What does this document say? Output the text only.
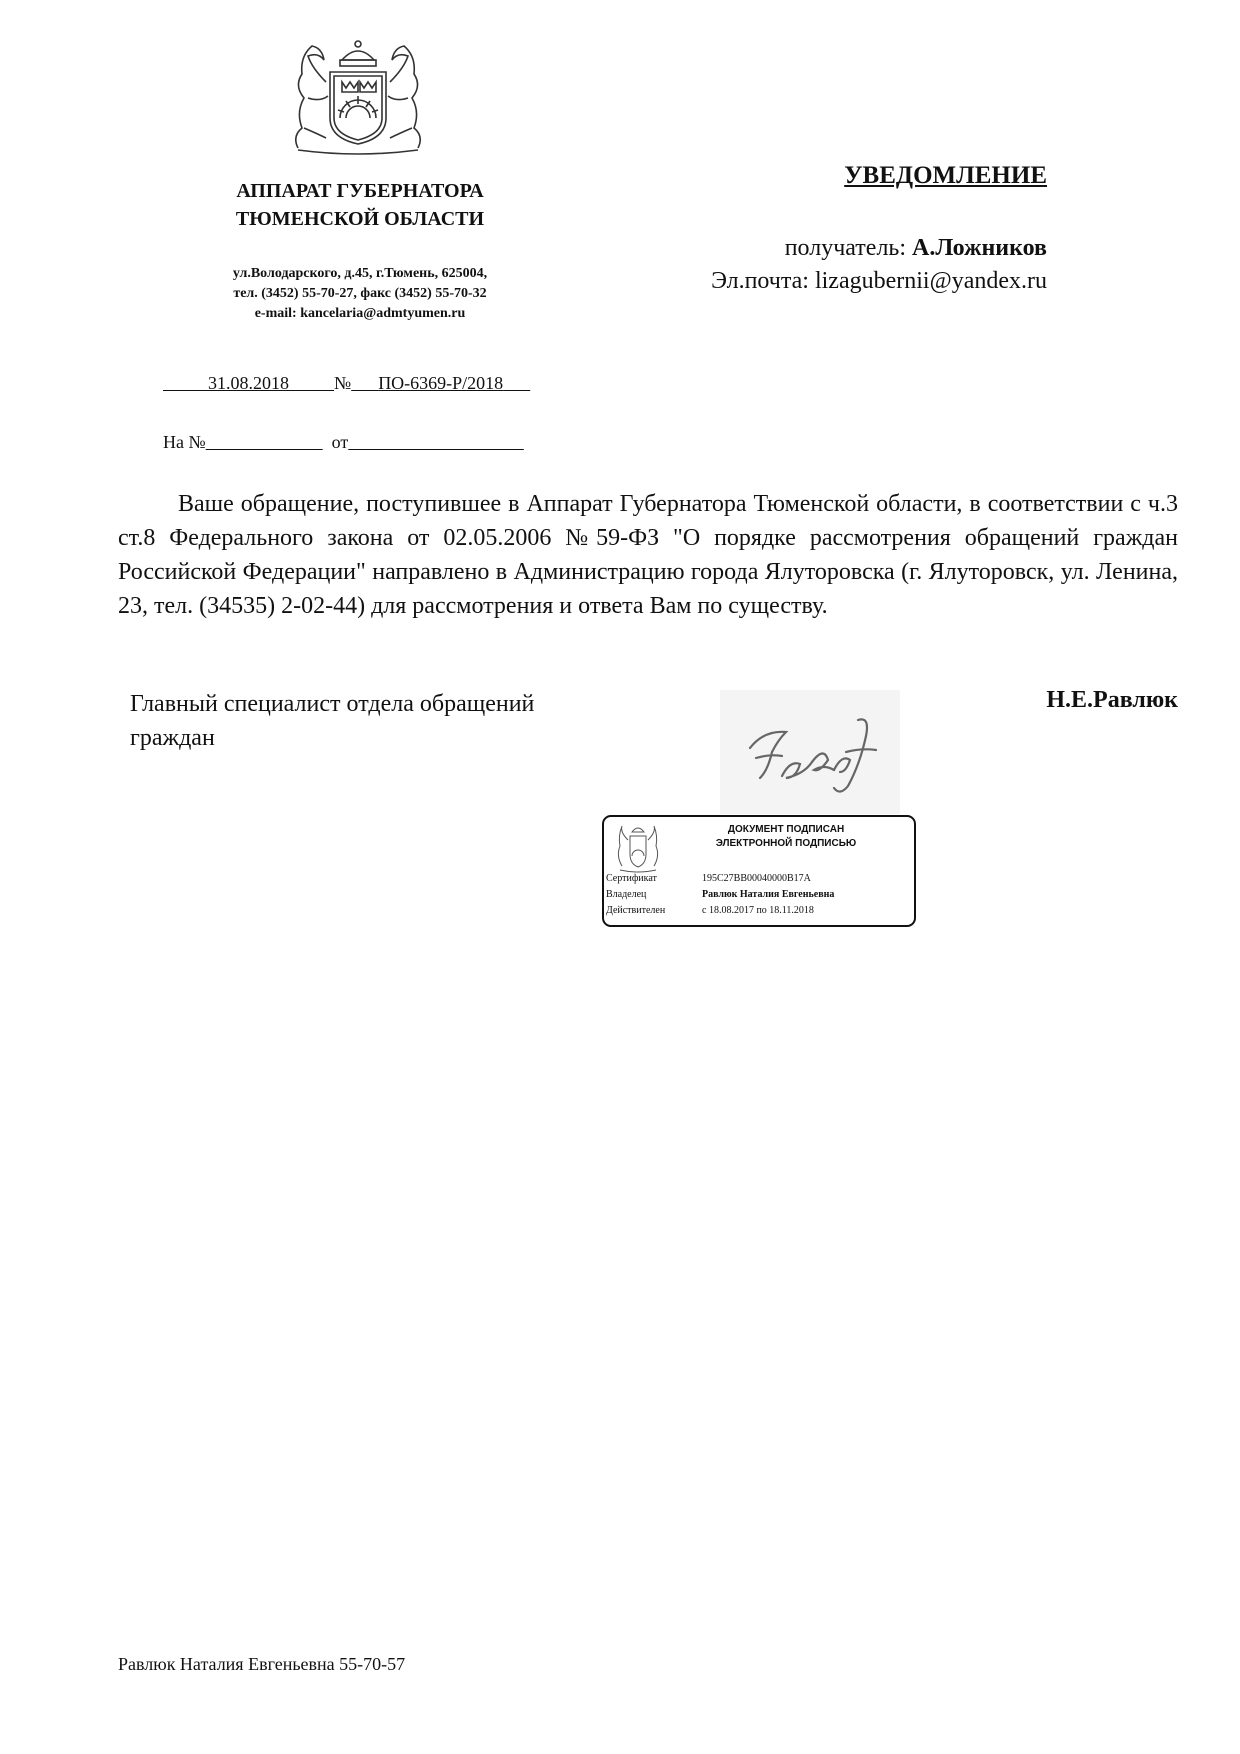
АППАРАТ ГУБЕРНАТОРА
ТЮМЕНСКОЙ ОБЛАСТИ
ул.Володарского, д.45, г.Тюмень, 625004,
тел. (3452) 55-70-27, факс (3452) 55-70-32
e-mail: kancelaria@admtyumen.ru
УВЕДОМЛЕНИЕ
получатель: А.Ложников
Эл.почта: lizagubernii@yandex.ru
31.08.2018	№ ПО-6369-Р/2018
На №	от
Ваше обращение, поступившее в Аппарат Губернатора Тюменской области, в соответствии с ч.3 ст.8 Федерального закона от 02.05.2006 №59-ФЗ "О порядке рассмотрения обращений граждан Российской Федерации" направлено в Администрацию города Ялуторовска (г. Ялуторовск, ул. Ленина, 23, тел. (34535) 2-02-44) для рассмотрения и ответа Вам по существу.
Главный специалист отдела обращений
граждан
Н.Е.Равлюк
ДОКУМЕНТ ПОДПИСАН
ЭЛЕКТРОННОЙ ПОДПИСЬЮ
Сертификат	195C27BB00040000B17A
Владелец	Равлюк Наталия Евгеньевна
Действителен	с 18.08.2017 по 18.11.2018
Равлюк Наталия Евгеньевна 55-70-57
